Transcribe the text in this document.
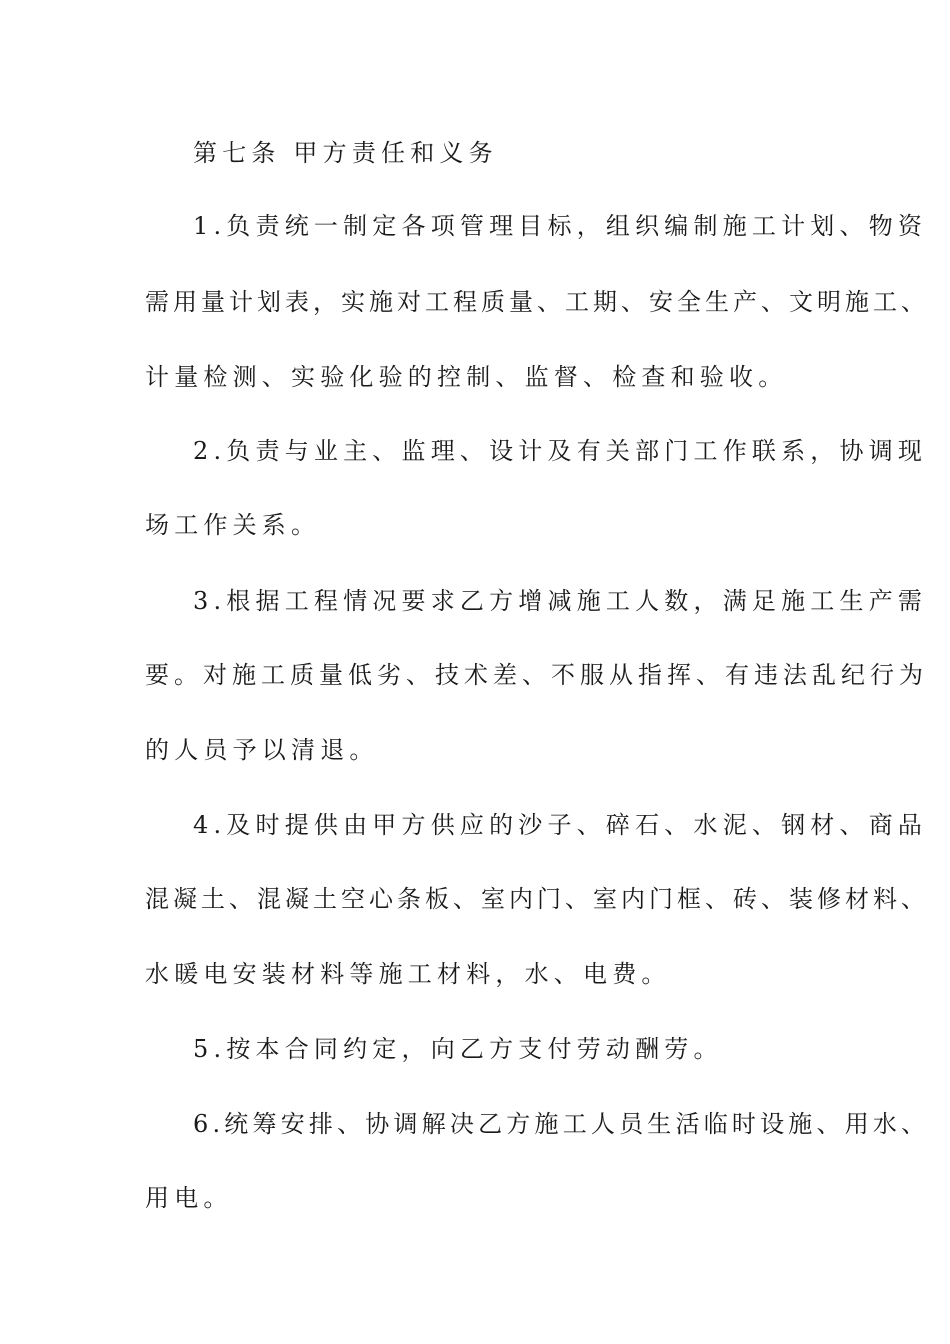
第七条 甲方责任和义务
1.负责统一制定各项管理目标，组织编制施工计划、物资
需用量计划表，实施对工程质量、工期、安全生产、文明施工、
计量检测、实验化验的控制、监督、检查和验收。
2.负责与业主、监理、设计及有关部门工作联系，协调现
场工作关系。
3.根据工程情况要求乙方增减施工人数，满足施工生产需
要。对施工质量低劣、技术差、不服从指挥、有违法乱纪行为
的人员予以清退。
4.及时提供由甲方供应的沙子、碎石、水泥、钢材、商品
混凝土、混凝土空心条板、室内门、室内门框、砖、装修材料、
水暖电安装材料等施工材料，水、电费。
5.按本合同约定，向乙方支付劳动酬劳。
6.统筹安排、协调解决乙方施工人员生活临时设施、用水、
用电。
